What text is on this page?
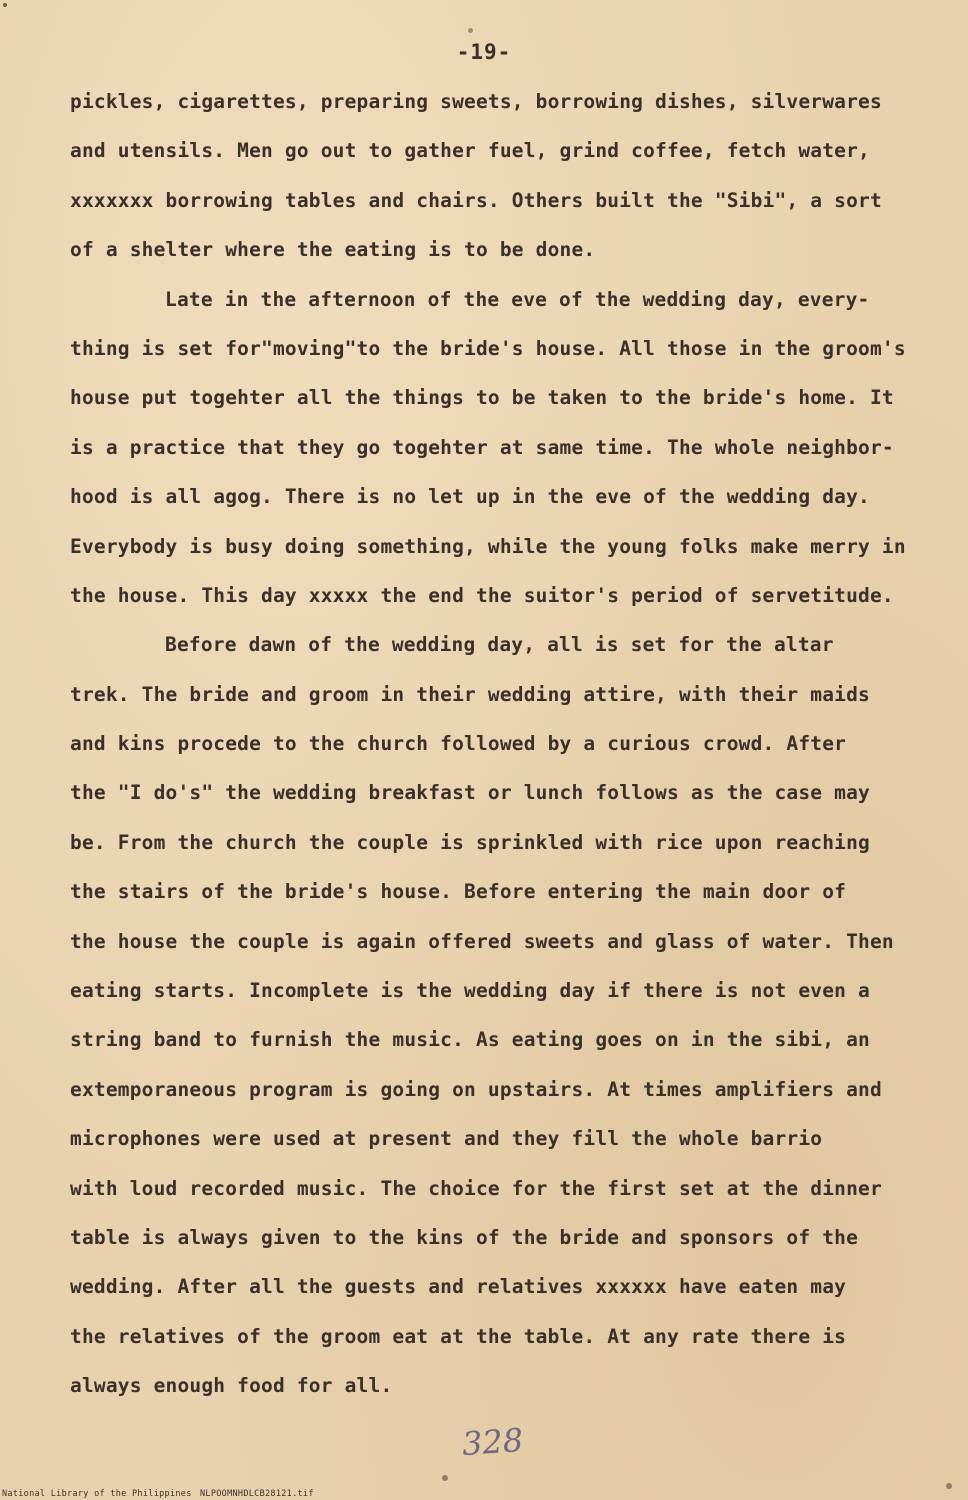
-19-
pickles, cigarettes, preparing sweets, borrowing dishes, silverwares
and utensils. Men go out to gather fuel, grind coffee, fetch water,
xxxxxxx borrowing tables and chairs. Others built the "Sibi", a sort
of a shelter where the eating is to be done.
Late in the afternoon of the eve of the wedding day, every-
thing is set for"moving"to the bride's house. All those in the groom's
house put togehter all the things to be taken to the bride's home. It
is a practice that they go togehter at same time. The whole neighbor-
hood is all agog. There is no let up in the eve of the wedding day.
Everybody is busy doing something, while the young folks make merry in
the house. This day xxxxx the end the suitor's period of servetitude.
Before dawn of the wedding day, all is set for the altar
trek. The bride and groom in their wedding attire, with their maids
and kins procede to the church followed by a curious crowd. After
the "I do's" the wedding breakfast or lunch follows as the case may
be. From the church the couple is sprinkled with rice upon reaching
the stairs of the bride's house. Before entering the main door of
the house the couple is again offered sweets and glass of water. Then
eating starts. Incomplete is the wedding day if there is not even a
string band to furnish the music. As eating goes on in the sibi, an
extemporaneous program is going on upstairs. At times amplifiers and
microphones were used at present and they fill the whole barrio
with loud recorded music. The choice for the first set at the dinner
table is always given to the kins of the bride and sponsors of the
wedding. After all the guests and relatives xxxxxx have eaten may
the relatives of the groom eat at the table. At any rate there is
always enough food for all.
328
National Library of the Philippines NLPOOMNHDLCB28121.tif
